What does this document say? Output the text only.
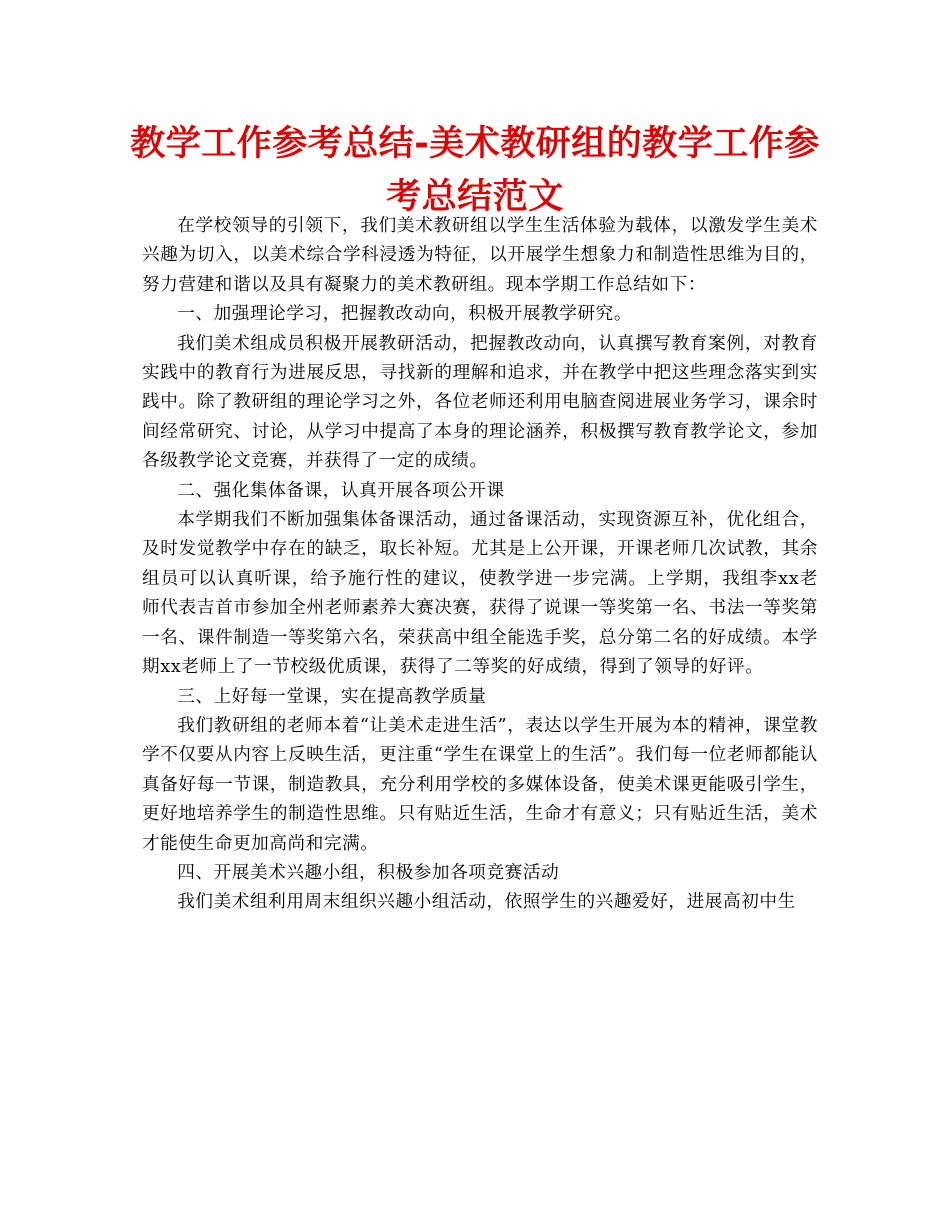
教学工作参考总结-美术教研组的教学工作参考总结范文

在学校领导的引领下，我们美术教研组以学生生活体验为载体，以激发学生美术兴趣为切入，以美术综合学科浸透为特征，以开展学生想象力和制造性思维为目的，努力营建和谐以及具有凝聚力的美术教研组。现本学期工作总结如下：

一、加强理论学习，把握教改动向，积极开展教学研究。

我们美术组成员积极开展教研活动，把握教改动向，认真撰写教育案例，对教育实践中的教育行为进展反思，寻找新的理解和追求，并在教学中把这些理念落实到实践中。除了教研组的理论学习之外，各位老师还利用电脑查阅进展业务学习，课余时间经常研究、讨论，从学习中提高了本身的理论涵养，积极撰写教育教学论文，参加各级教学论文竞赛，并获得了一定的成绩。

二、强化集体备课，认真开展各项公开课

本学期我们不断加强集体备课活动，通过备课活动，实现资源互补，优化组合，及时发觉教学中存在的缺乏，取长补短。尤其是上公开课，开课老师几次试教，其余组员可以认真听课，给予施行性的建议，使教学进一步完满。上学期，我组李xx老师代表吉首市参加全州老师素养大赛决赛，获得了说课一等奖第一名、书法一等奖第一名、课件制造一等奖第六名，荣获高中组全能选手奖，总分第二名的好成绩。本学期xx老师上了一节校级优质课，获得了二等奖的好成绩，得到了领导的好评。

三、上好每一堂课，实在提高教学质量

我们教研组的老师本着“让美术走进生活”，表达以学生开展为本的精神，课堂教学不仅要从内容上反映生活，更注重“学生在课堂上的生活”。我们每一位老师都能认真备好每一节课，制造教具，充分利用学校的多媒体设备，使美术课更能吸引学生，更好地培养学生的制造性思维。只有贴近生活，生命才有意义；只有贴近生活，美术才能使生命更加高尚和完满。

四、开展美术兴趣小组，积极参加各项竞赛活动

我们美术组利用周末组织兴趣小组活动，依照学生的兴趣爱好，进展高初中生
